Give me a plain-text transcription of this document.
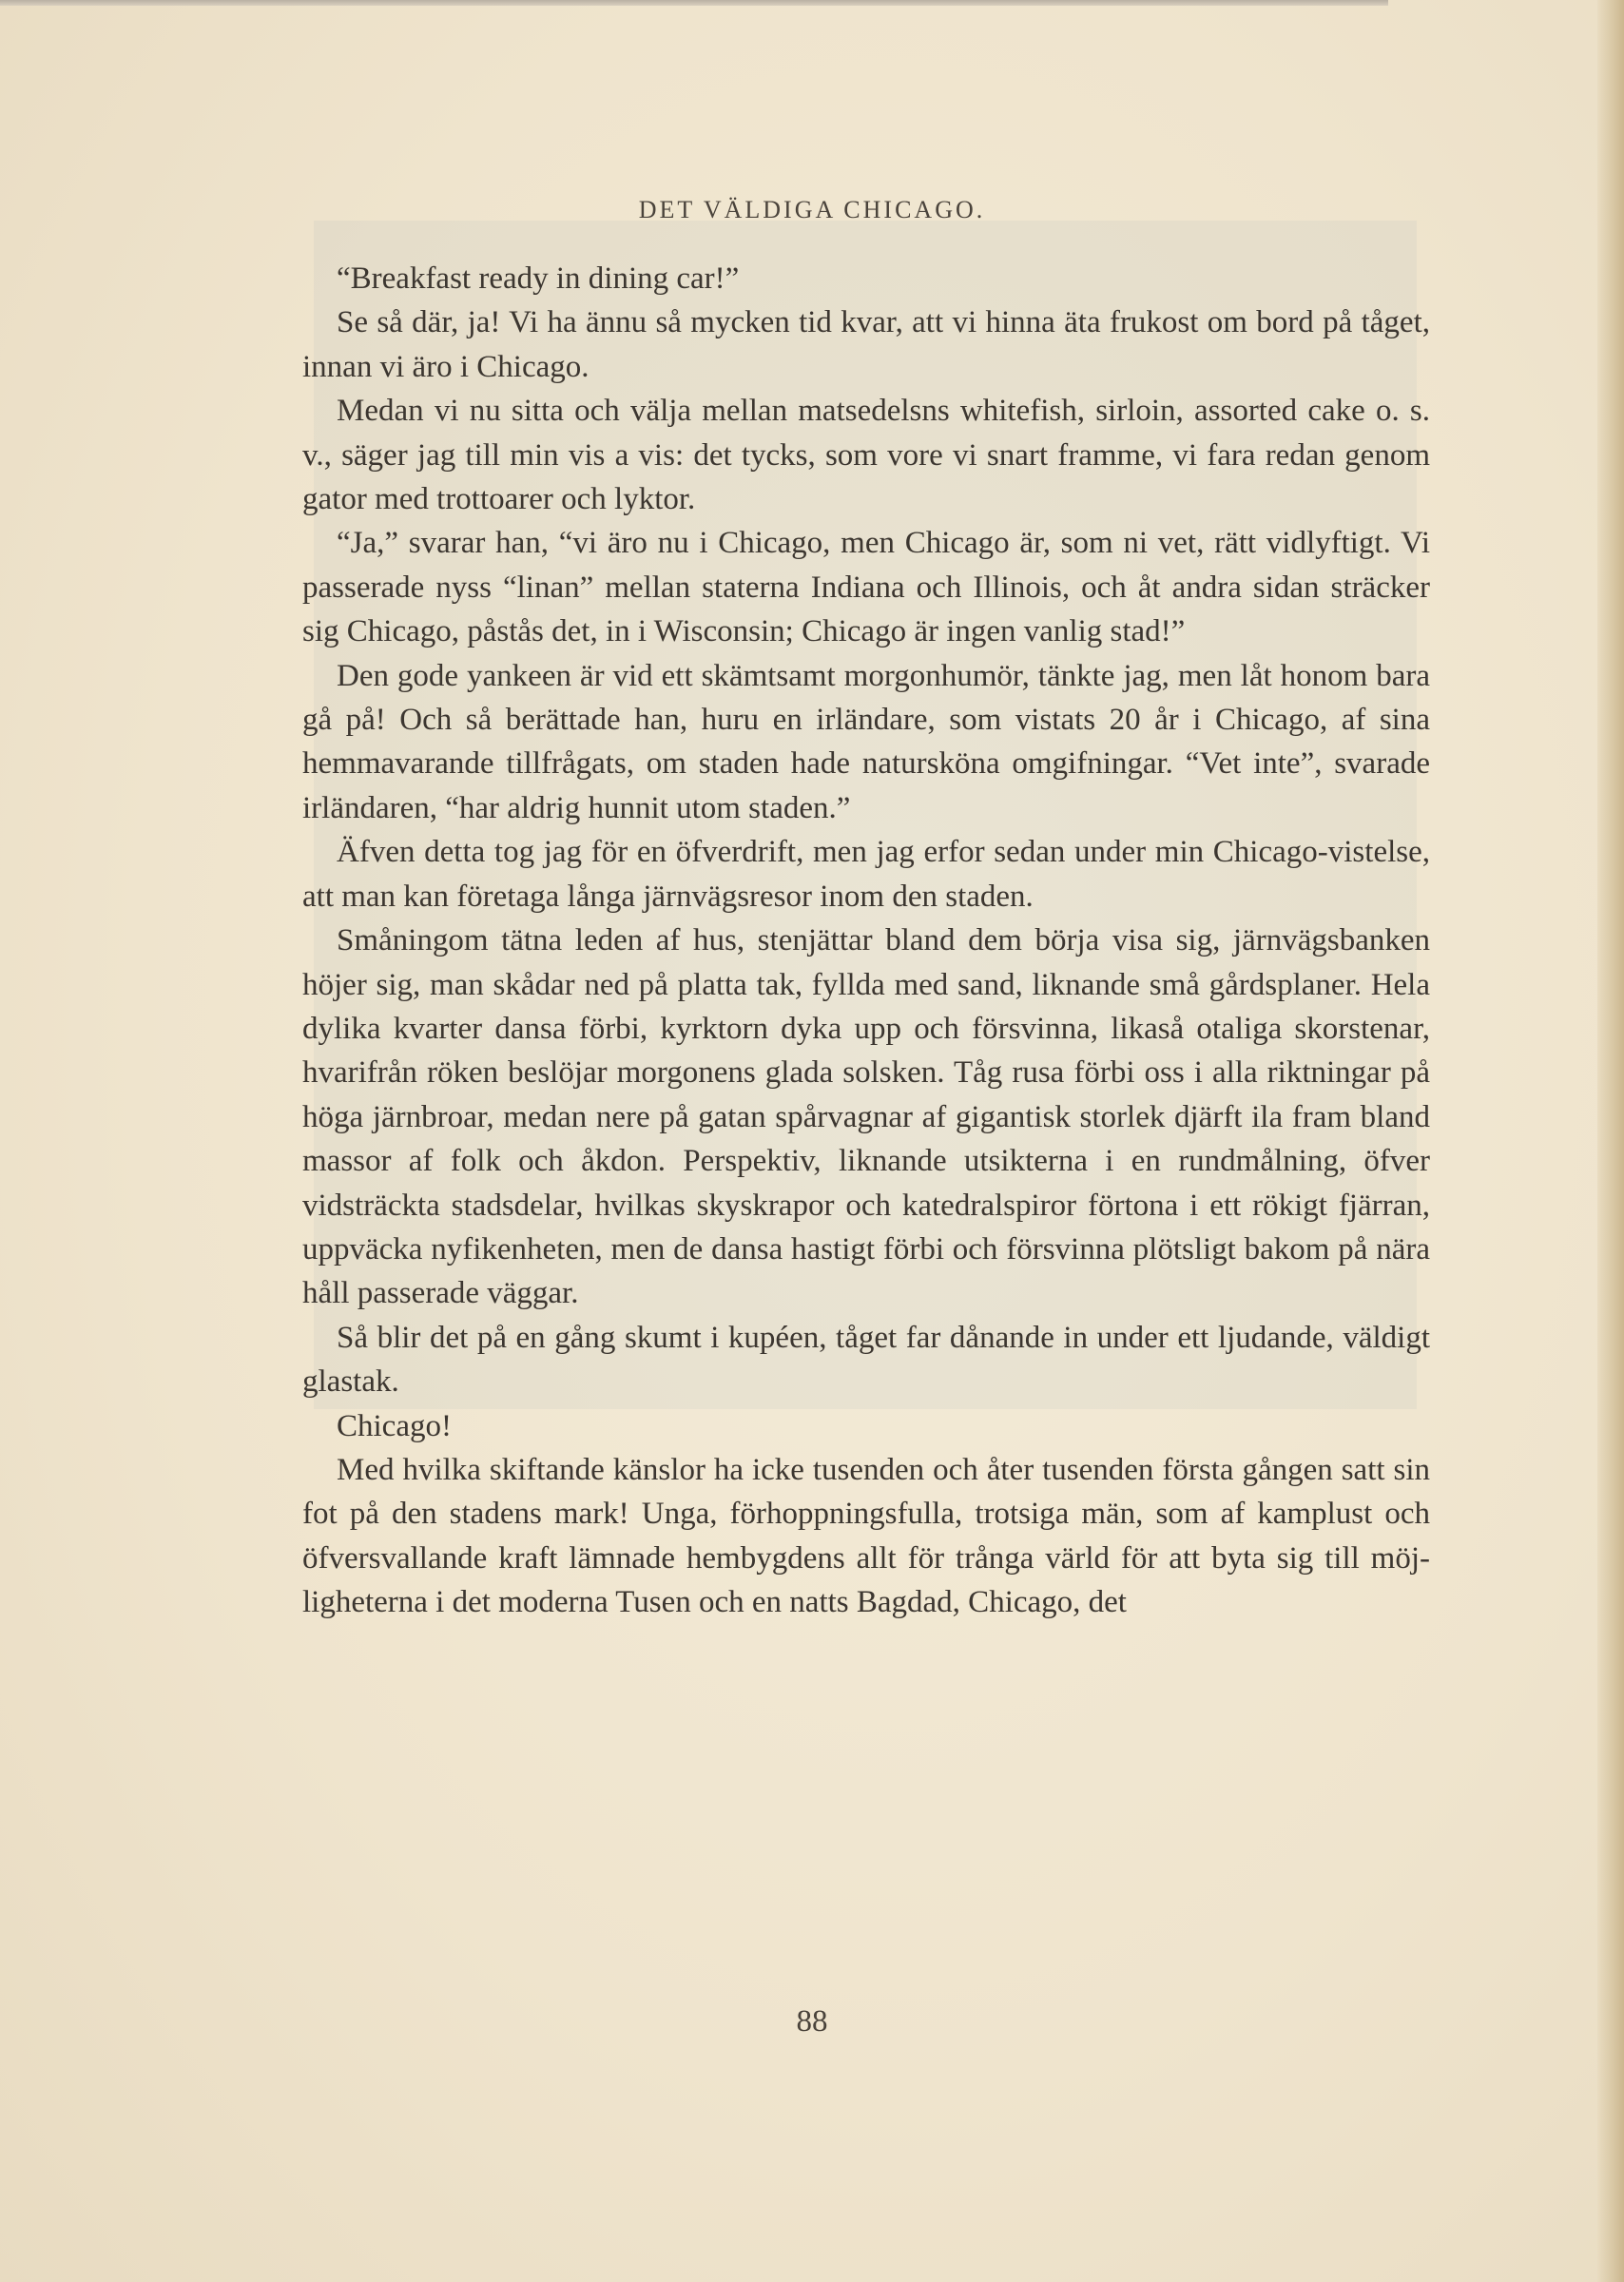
DET VÄLDIGA CHICAGO.

“Breakfast ready in dining car!”

Se så där, ja! Vi ha ännu så mycken tid kvar, att vi hinna äta frukost om bord på tåget, innan vi äro i Chicago.

Medan vi nu sitta och välja mellan matsedelsns whitefish, sirloin, assorted cake o. s. v., säger jag till min vis a vis: det tycks, som vore vi snart framme, vi fara redan genom gator med trottoarer och lyktor.

“Ja,” svarar han, “vi äro nu i Chicago, men Chicago är, som ni vet, rätt vidlyftigt. Vi passerade nyss “linan” mellan staterna Indiana och Illinois, och åt andra sidan sträcker sig Chicago, påstås det, in i Wisconsin; Chicago är ingen vanlig stad!”

Den gode yankeen är vid ett skämtsamt morgonhumör, tänkte jag, men låt honom bara gå på! Och så berättade han, huru en irländare, som vistats 20 år i Chicago, af sina hemmavarande tillfrågats, om staden hade natursköna omgifningar. “Vet inte”, svarade irländaren, “har aldrig hunnit utom staden.”

Äfven detta tog jag för en öfverdrift, men jag erfor sedan under min Chicago-vistelse, att man kan företaga långa järnvägsresor inom den staden.

Småningom tätna leden af hus, stenjättar bland dem börja visa sig, järnvägsbanken höjer sig, man skådar ned på platta tak, fyllda med sand, liknande små gårdsplaner. Hela dylika kvarter dansa förbi, kyrktorn dyka upp och försvinna, likaså otaliga skorstenar, hvarifrån röken beslöjar morgonens glada solsken. Tåg rusa förbi oss i alla riktningar på höga järnbroar, medan nere på gatan spårvagnar af gigantisk storlek djärft ila fram bland massor af folk och åkdon. Perspektiv, liknande utsikterna i en rundmålning, öfver vidsträckta stadsdelar, hvilkas skyskrapor och katedralspiror förtona i ett rökigt fjärran, uppväcka nyfikenheten, men de dansa hastigt förbi och försvinna plötsligt bakom på nära håll passerade väggar.

Så blir det på en gång skumt i kupéen, tåget far dånande in under ett ljudande, väldigt glastak.

Chicago!

Med hvilka skiftande känslor ha icke tusenden och åter tusenden första gången satt sin fot på den stadens mark! Unga, förhoppningsfulla, trotsiga män, som af kamplust och öfversvallande kraft lämnade hembygdens allt för trånga värld för att byta sig till möjligheterna i det moderna Tusen och en natts Bagdad, Chicago, det

88
